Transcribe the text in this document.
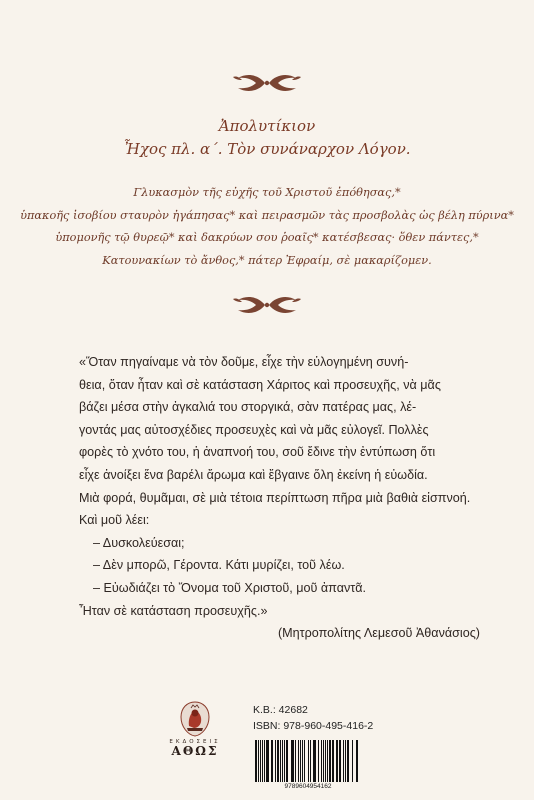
Ἀπολυτίκιον
Ἦχος πλ. α΄. Τὸν συνάναρχον Λόγον.
Γλυκασμὸν τῆς εὐχῆς τοῦ Χριστοῦ ἐπόθησας,*
ὑπακοῆς ἰσοβίου σταυρὸν ἠγάπησας* καὶ πειρασμῶν τὰς προσβολὰς ὡς βέλη πύρινα*
ὑπομονῆς τῷ θυρεῷ* καὶ δακρύων σου ῥοαῖς* κατέσβεσας· ὅθεν πάντες,*
Κατουνακίων τὸ ἄνθος,* πάτερ Ἐφραίμ, σὲ μακαρίζομεν.
«Ὅταν πηγαίναμε νὰ τὸν δοῦμε, εἶχε τὴν εὐλογημένη συνή-
θεια, ὅταν ἦταν καὶ σὲ κατάσταση Χάριτος καὶ προσευχῆς, νὰ μᾶς
βάζει μέσα στὴν ἀγκαλιά του στοργικά, σὰν πατέρας μας, λέ-
γοντάς μας αὐτοσχέδιες προσευχὲς καὶ νὰ μᾶς εὐλογεῖ. Πολλὲς
φορὲς τὸ χνότο του, ἡ ἀναπνοή του, σοῦ ἔδινε τὴν ἐντύπωση ὅτι
εἶχε ἀνοίξει ἕνα βαρέλι ἄρωμα καὶ ἔβγαινε ὅλη ἐκείνη ἡ εὐωδία.
Μιὰ φορά, θυμᾶμαι, σὲ μιὰ τέτοια περίπτωση πῆρα μιὰ βαθιὰ εἰσπνοή.
Καὶ μοῦ λέει:
– Δυσκολεύεσαι;
– Δὲν μπορῶ, Γέροντα. Κάτι μυρίζει, τοῦ λέω.
– Εὐωδιάζει τὸ Ὄνομα τοῦ Χριστοῦ, μοῦ ἀπαντᾶ.
Ἦταν σὲ κατάσταση προσευχῆς.»
(Μητροπολίτης Λεμεσοῦ Ἀθανάσιος)
ΕΚΔΟΣΕΙΣ
ΑΘΩΣ
Κ.Β.: 42682
ISBN: 978-960-495-416-2
9789604954162
